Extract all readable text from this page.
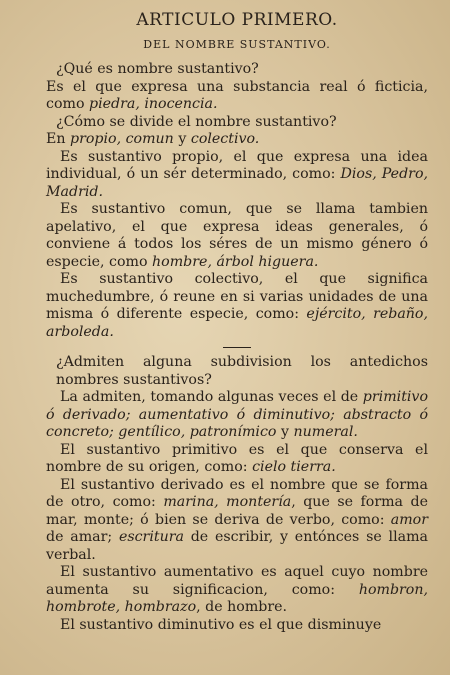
ARTICULO PRIMERO.
DEL NOMBRE SUSTANTIVO.

¿Qué es nombre sustantivo?

Es el que expresa una substancia real ó ficticia, como piedra, inocencia.

¿Cómo se divide el nombre sustantivo?

En propio, comun y colectivo.

Es sustantivo propio, el que expresa una idea individual, ó un sér determinado, como: Dios, Pedro, Madrid.

Es sustantivo comun, que se llama tambien apelativo, el que expresa ideas generales, ó conviene á todos los séres de un mismo género ó especie, como hombre, árbol higuera.

Es sustantivo colectivo, el que significa muchedumbre, ó reune en si varias unidades de una misma ó diferente especie, como: ejército, rebaño, arboleda.

¿Admiten alguna subdivision los antedichos nombres sustantivos?

La admiten, tomando algunas veces el de primitivo ó derivado; aumentativo ó diminutivo; abstracto ó concreto; gentílico, patronímico y numeral.

El sustantivo primitivo es el que conserva el nombre de su origen, como: cielo tierra.

El sustantivo derivado es el nombre que se forma de otro, como: marina, montería, que se forma de mar, monte; ó bien se deriva de verbo, como: amor de amar; escritura de escribir, y entónces se llama verbal.

El sustantivo aumentativo es aquel cuyo nombre aumenta su significacion, como: hombron, hombrote, hombrazo, de hombre.

El sustantivo diminutivo es el que disminuye
